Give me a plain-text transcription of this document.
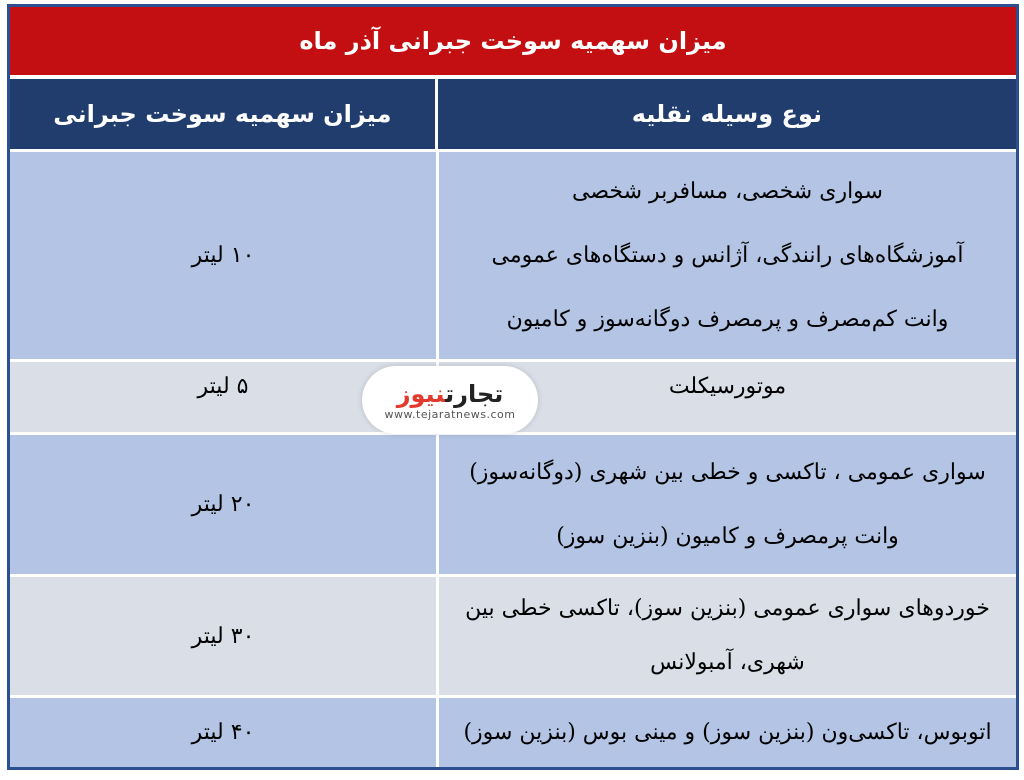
میزان سهمیه سوخت جبرانی آذر ماه
نوع وسیله نقلیه
میزان سهمیه سوخت جبرانی
سواری شخصی، مسافربر شخصی
آموزشگاه‌های رانندگی، آژانس و دستگاه‌های عمومی
وانت کم‌مصرف و پرمصرف دوگانه‌سوز و کامیون
۱۰ لیتر
موتورسیکلت
۵ لیتر
سواری عمومی ، تاکسی و خطی بین شهری (دوگانه‌سوز)
وانت پرمصرف و کامیون (بنزین سوز)
۲۰ لیتر
خوردوهای سواری عمومی (بنزین سوز)، تاکسی خطی بین
شهری، آمبولانس
۳۰ لیتر
اتوبوس، تاکسی‌ون (بنزین سوز) و مینی بوس (بنزین سوز)
۴۰ لیتر
تجارتنیوز
www.tejaratnews.com
